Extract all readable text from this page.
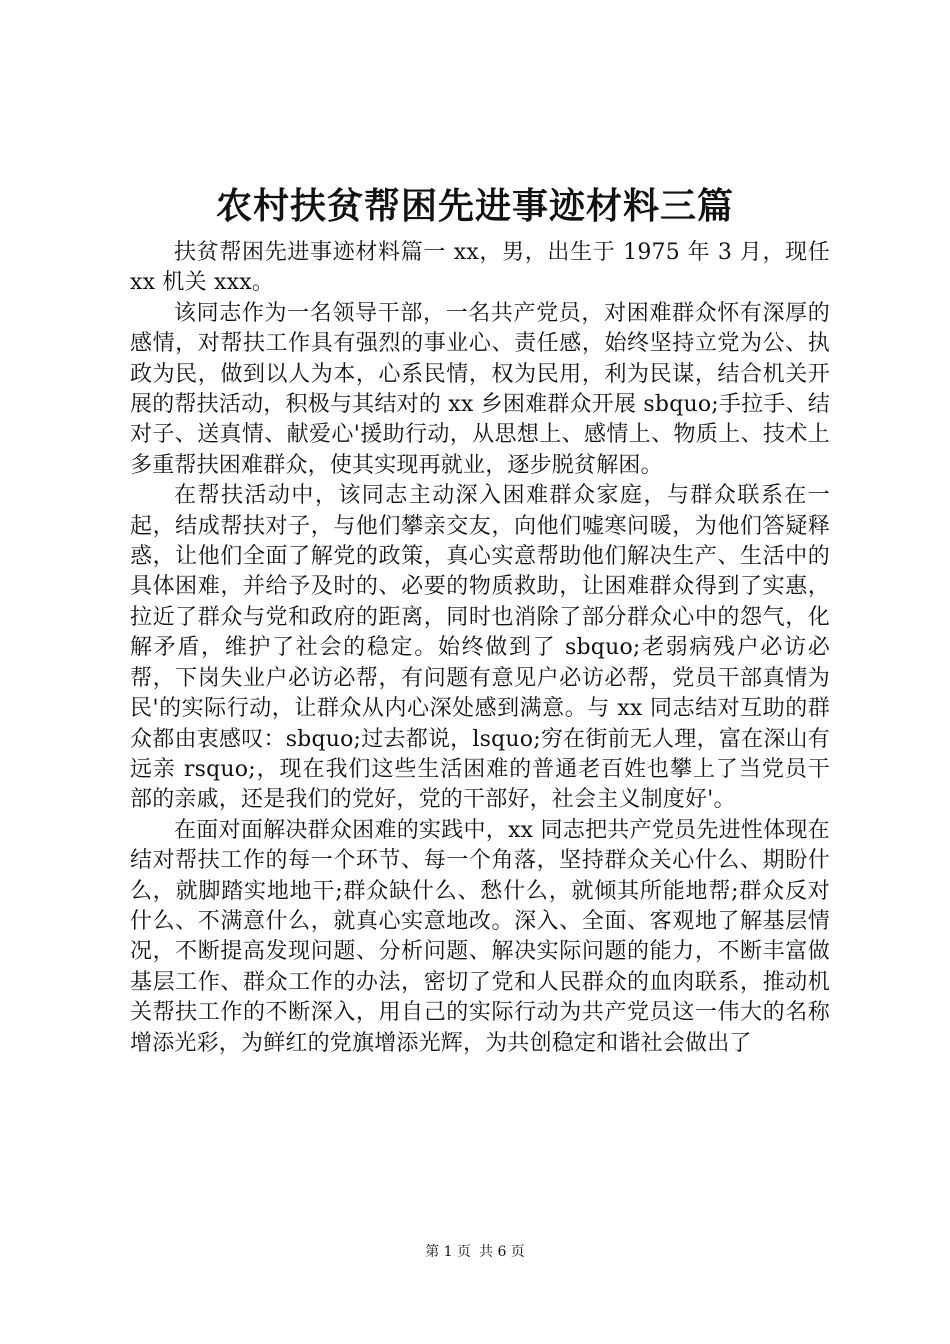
农村扶贫帮困先进事迹材料三篇

扶贫帮困先进事迹材料篇一 xx，男，出生于 1975 年 3 月，现任 xx 机关 xxx。

该同志作为一名领导干部，一名共产党员，对困难群众怀有深厚的感情，对帮扶工作具有强烈的事业心、责任感，始终坚持立党为公、执政为民，做到以人为本，心系民情，权为民用，利为民谋，结合机关开展的帮扶活动，积极与其结对的 xx 乡困难群众开展 sbquo;手拉手、结对子、送真情、献爱心'援助行动，从思想上、感情上、物质上、技术上多重帮扶困难群众，使其实现再就业，逐步脱贫解困。

在帮扶活动中，该同志主动深入困难群众家庭，与群众联系在一起，结成帮扶对子，与他们攀亲交友，向他们嘘寒问暖，为他们答疑释惑，让他们全面了解党的政策，真心实意帮助他们解决生产、生活中的具体困难，并给予及时的、必要的物质救助，让困难群众得到了实惠，拉近了群众与党和政府的距离，同时也消除了部分群众心中的怨气，化解矛盾，维护了社会的稳定。始终做到了 sbquo;老弱病残户必访必帮，下岗失业户必访必帮，有问题有意见户必访必帮，党员干部真情为民'的实际行动，让群众从内心深处感到满意。与 xx 同志结对互助的群众都由衷感叹：sbquo;过去都说，lsquo;穷在街前无人理，富在深山有远亲 rsquo;，现在我们这些生活困难的普通老百姓也攀上了当党员干部的亲戚，还是我们的党好，党的干部好，社会主义制度好'。

在面对面解决群众困难的实践中，xx 同志把共产党员先进性体现在结对帮扶工作的每一个环节、每一个角落，坚持群众关心什么、期盼什么，就脚踏实地地干;群众缺什么、愁什么，就倾其所能地帮;群众反对什么、不满意什么，就真心实意地改。深入、全面、客观地了解基层情况，不断提高发现问题、分析问题、解决实际问题的能力，不断丰富做基层工作、群众工作的办法，密切了党和人民群众的血肉联系，推动机关帮扶工作的不断深入，用自己的实际行动为共产党员这一伟大的名称增添光彩，为鲜红的党旗增添光辉，为共创稳定和谐社会做出了

第 1 页 共 6 页
